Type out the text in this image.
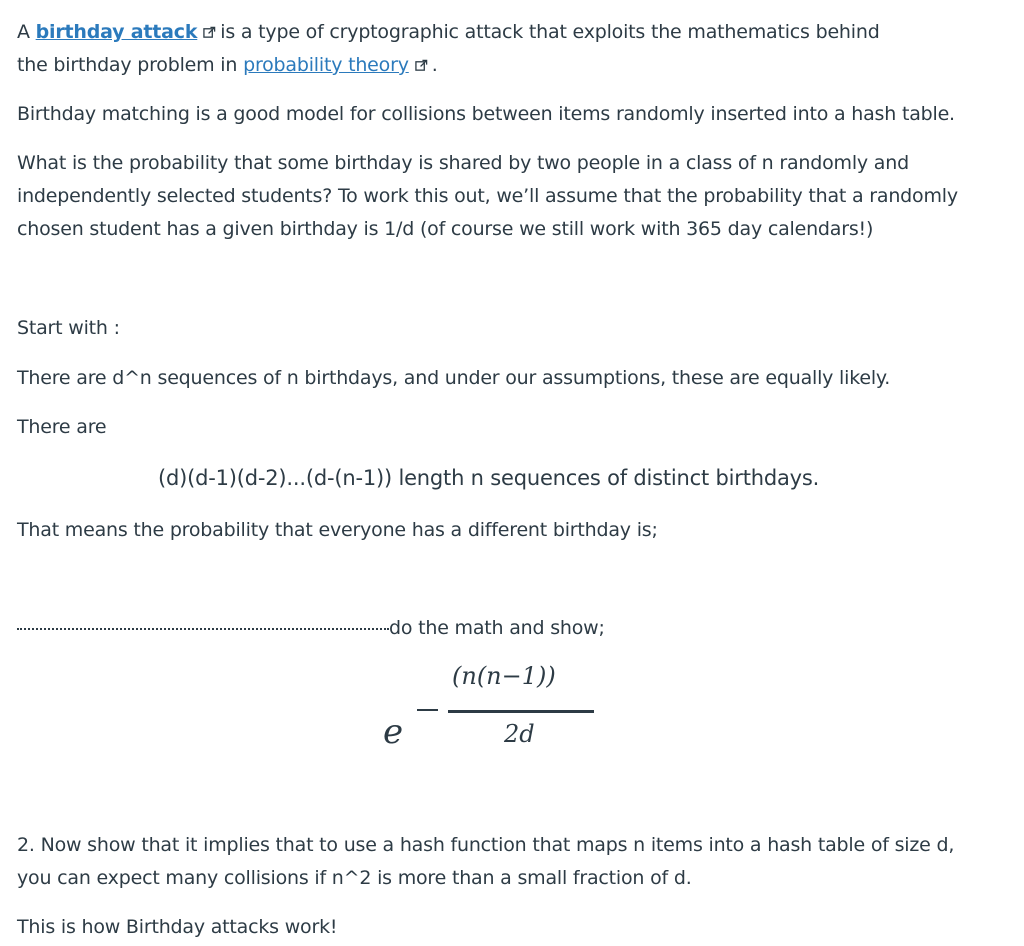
A birthday attack is a type of cryptographic attack that exploits the mathematics behind

the birthday problem in probability theory .

Birthday matching is a good model for collisions between items randomly inserted into a hash table.

What is the probability that some birthday is shared by two people in a class of n randomly and

independently selected students? To work this out, we’ll assume that the probability that a randomly

chosen student has a given birthday is 1/d (of course we still work with 365 day calendars!)

Start with :

There are d^n sequences of n birthdays, and under our assumptions, these are equally likely.

There are

(d)(d-1)(d-2)...(d-(n-1)) length n sequences of distinct birthdays.

That means the probability that everyone has a different birthday is;

do the math and show;
e
(n(n−1))
2d

2. Now show that it implies that to use a hash function that maps n items into a hash table of size d,

you can expect many collisions if n^2 is more than a small fraction of d.

This is how Birthday attacks work!
